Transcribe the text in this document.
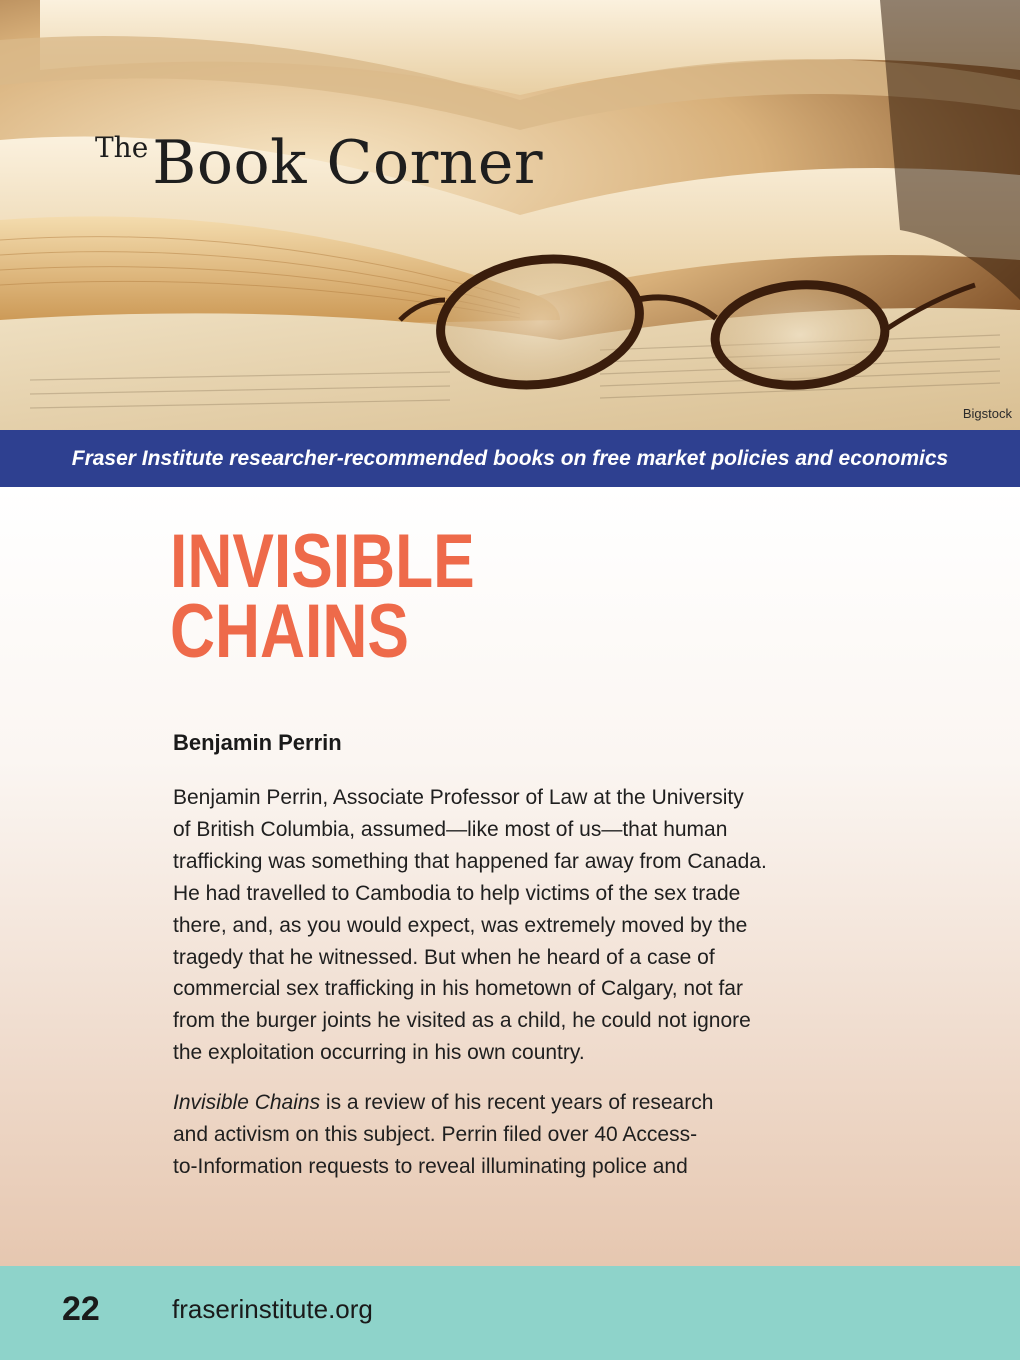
TheBook Corner
Bigstock
Fraser Institute researcher-recommended books on free market policies and economics
INVISIBLE
CHAINS
Benjamin Perrin

Benjamin Perrin, Associate Professor of Law at the University
of British Columbia, assumed—like most of us—that human
trafficking was something that happened far away from Canada.
He had travelled to Cambodia to help victims of the sex trade
there, and, as you would expect, was extremely moved by the
tragedy that he witnessed. But when he heard of a case of
commercial sex trafficking in his hometown of Calgary, not far
from the burger joints he visited as a child, he could not ignore
the exploitation occurring in his own country.

Invisible Chains is a review of his recent years of research
and activism on this subject. Perrin filed over 40 Access-
to-Information requests to reveal illuminating police and

22	fraserinstitute.org
